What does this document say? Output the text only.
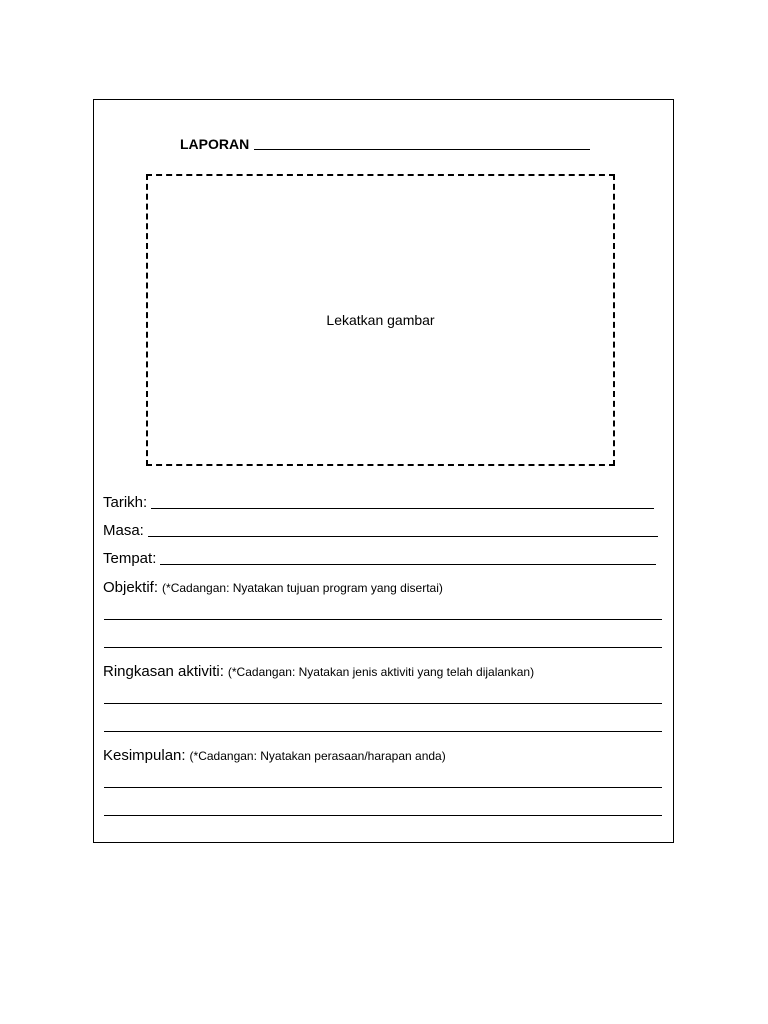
LAPORAN
Lekatkan gambar
Tarikh:
Masa:
Tempat:
Objektif: (*Cadangan: Nyatakan tujuan program yang disertai)
Ringkasan aktiviti: (*Cadangan: Nyatakan jenis aktiviti yang telah dijalankan)
Kesimpulan: (*Cadangan: Nyatakan perasaan/harapan anda)
